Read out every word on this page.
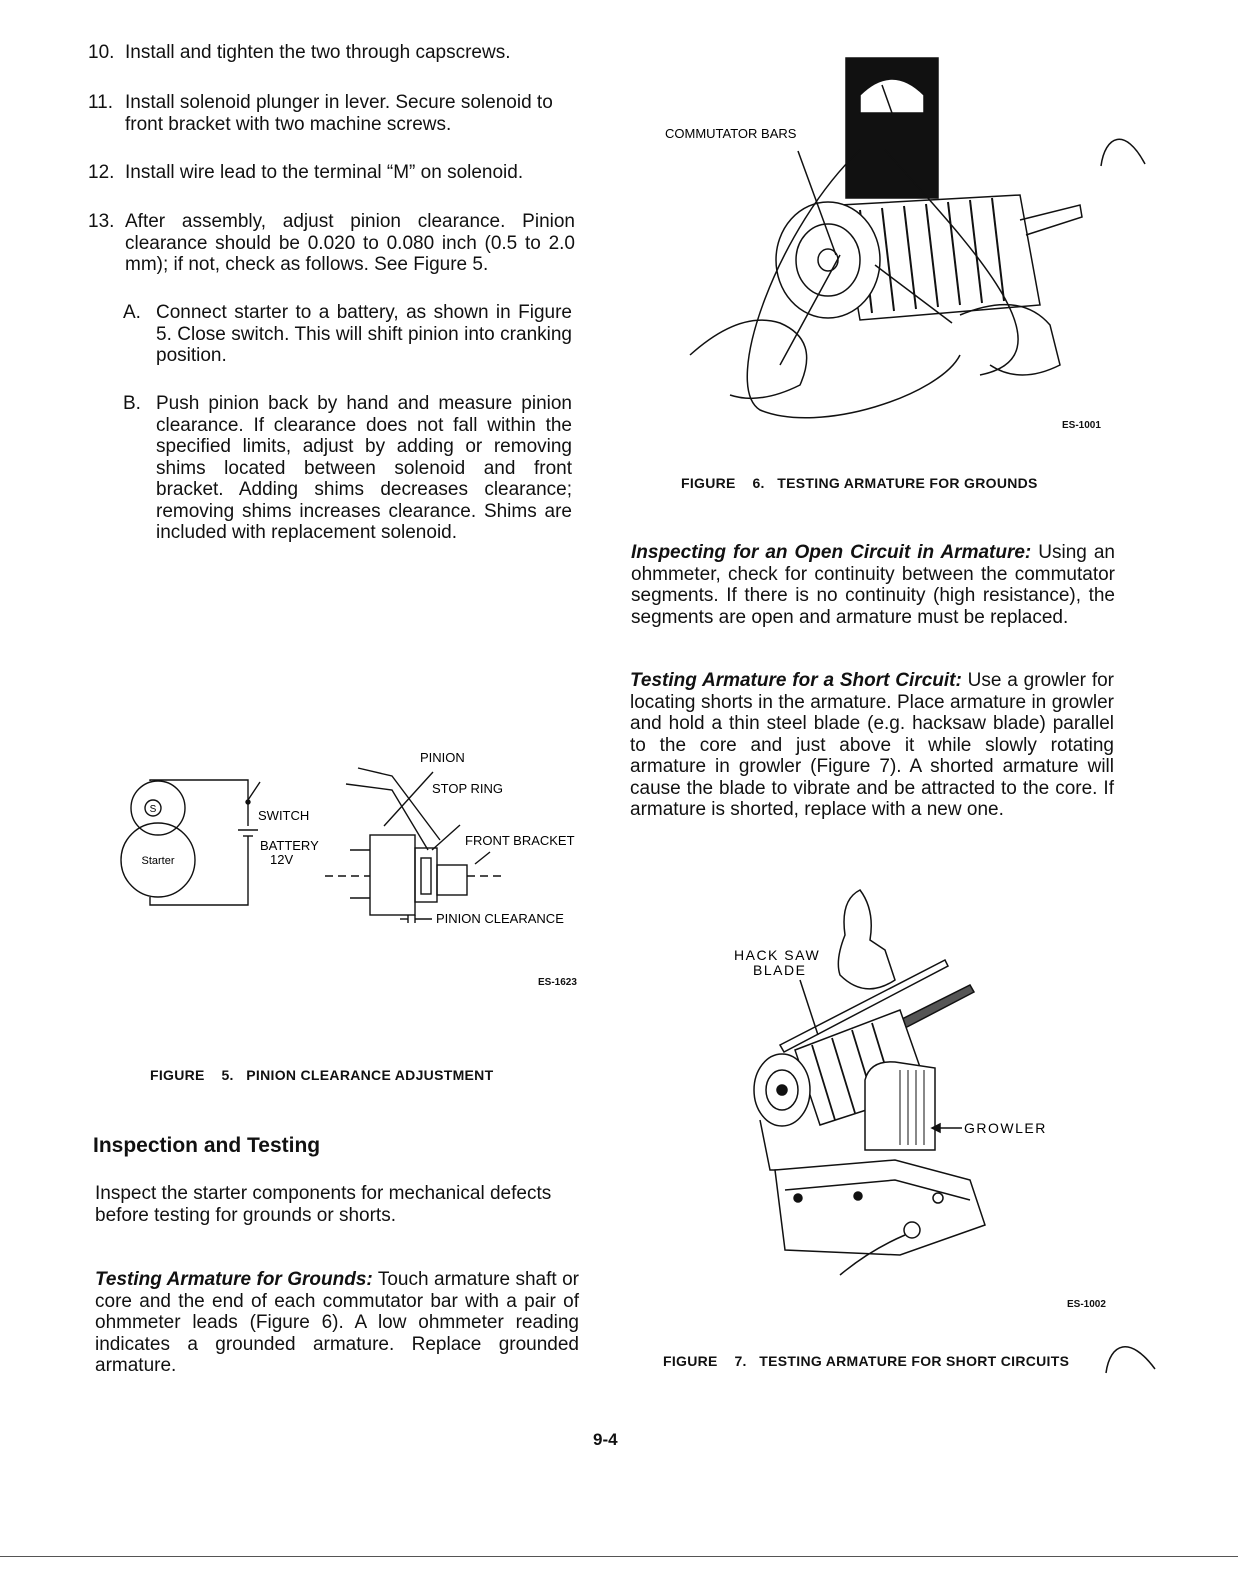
10. Install and tighten the two through capscrews.
11. Install solenoid plunger in lever. Secure solenoid to front bracket with two machine screws.
12. Install wire lead to the terminal “M” on solenoid.
13. After assembly, adjust pinion clearance. Pinion clearance should be 0.020 to 0.080 inch (0.5 to 2.0 mm); if not, check as follows. See Figure 5.
A. Connect starter to a battery, as shown in Figure 5. Close switch. This will shift pinion into cranking position.
B. Push pinion back by hand and measure pinion clearance. If clearance does not fall within the specified limits, adjust by adding or removing shims located between solenoid and front bracket. Adding shims decreases clearance; removing shims increases clearance. Shims are included with replacement solenoid.
S
Starter
SWITCH
BATTERY
12V
PINION
STOP RING
FRONT BRACKET
PINION CLEARANCE
ES-1623
FIGURE    5.   PINION CLEARANCE ADJUSTMENT
Inspection and Testing
Inspect the starter components for mechanical defects before testing for grounds or shorts.
Testing Armature for Grounds: Touch armature shaft or core and the end of each commutator bar with a pair of ohmmeter leads (Figure 6). A low ohmmeter reading indicates a grounded armature. Replace grounded armature.
COMMUTATOR BARS
ES-1001
FIGURE    6.   TESTING ARMATURE FOR GROUNDS
Inspecting for an Open Circuit in Armature: Using an ohmmeter, check for continuity between the commutator segments. If there is no continuity (high resistance), the segments are open and armature must be replaced.
Testing Armature for a Short Circuit: Use a growler for locating shorts in the armature. Place armature in growler and hold a thin steel blade (e.g. hacksaw blade) parallel to the core and just above it while slowly rotating armature in growler (Figure 7). A shorted armature will cause the blade to vibrate and be attracted to the core. If armature is shorted, replace with a new one.
HACK SAW
BLADE
GROWLER
ES-1002
FIGURE    7.   TESTING ARMATURE FOR SHORT CIRCUITS
9-4
